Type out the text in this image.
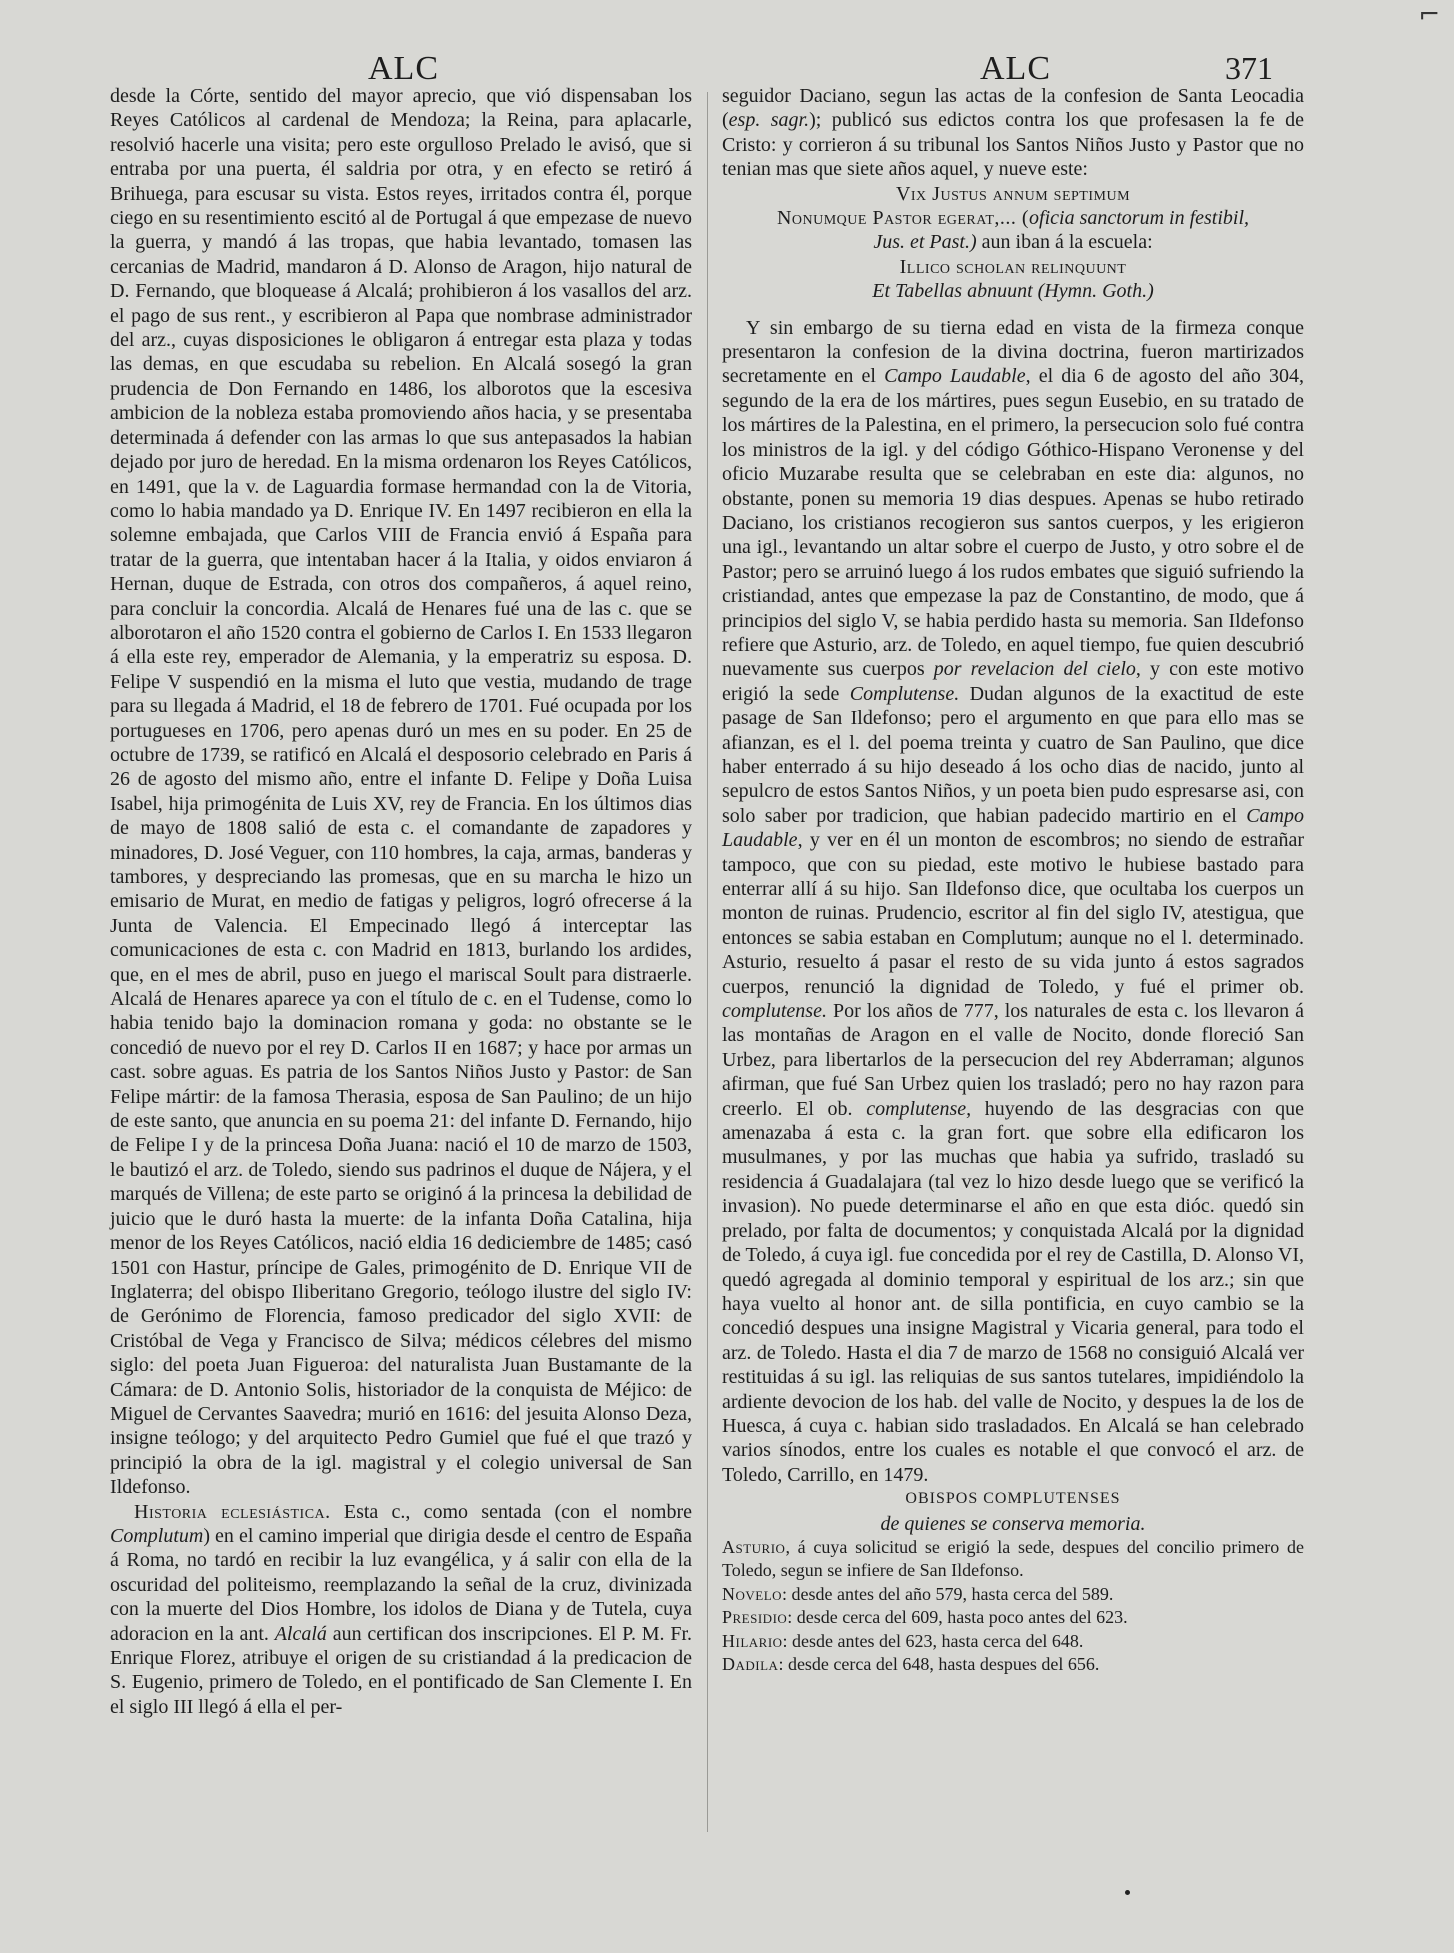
⌐
ALC	ALC	371

desde la Córte, sentido del mayor aprecio, que vió dispensaban los Reyes Católicos al cardenal de Mendoza; la Reina, para aplacarle, resolvió hacerle una visita; pero este orgulloso Prelado le avisó, que si entraba por una puerta, él saldria por otra, y en efecto se retiró á Brihuega, para escusar su vista. Estos reyes, irritados contra él, porque ciego en su resentimiento escitó al de Portugal á que empezase de nuevo la guerra, y mandó á las tropas, que habia levantado, tomasen las cercanias de Madrid, mandaron á D. Alonso de Aragon, hijo natural de D. Fernando, que bloquease á Alcalá; prohibieron á los vasallos del arz. el pago de sus rent., y escribieron al Papa que nombrase administrador del arz., cuyas disposiciones le obligaron á entregar esta plaza y todas las demas, en que escudaba su rebelion. En Alcalá sosegó la gran prudencia de Don Fernando en 1486, los alborotos que la escesiva ambicion de la nobleza estaba promoviendo años hacia, y se presentaba determinada á defender con las armas lo que sus antepasados la habian dejado por juro de heredad. En la misma ordenaron los Reyes Católicos, en 1491, que la v. de Laguardia formase hermandad con la de Vitoria, como lo habia mandado ya D. Enrique IV. En 1497 recibieron en ella la solemne embajada, que Carlos VIII de Francia envió á España para tratar de la guerra, que intentaban hacer á la Italia, y oidos enviaron á Hernan, duque de Estrada, con otros dos compañeros, á aquel reino, para concluir la concordia. Alcalá de Henares fué una de las c. que se alborotaron el año 1520 contra el gobierno de Carlos I. En 1533 llegaron á ella este rey, emperador de Alemania, y la emperatriz su esposa. D. Felipe V suspendió en la misma el luto que vestia, mudando de trage para su llegada á Madrid, el 18 de febrero de 1701. Fué ocupada por los portugueses en 1706, pero apenas duró un mes en su poder. En 25 de octubre de 1739, se ratificó en Alcalá el desposorio celebrado en Paris á 26 de agosto del mismo año, entre el infante D. Felipe y Doña Luisa Isabel, hija primogénita de Luis XV, rey de Francia. En los últimos dias de mayo de 1808 salió de esta c. el comandante de zapadores y minadores, D. José Veguer, con 110 hombres, la caja, armas, banderas y tambores, y despreciando las promesas, que en su marcha le hizo un emisario de Murat, en medio de fatigas y peligros, logró ofrecerse á la Junta de Valencia. El Empecinado llegó á interceptar las comunicaciones de esta c. con Madrid en 1813, burlando los ardides, que, en el mes de abril, puso en juego el mariscal Soult para distraerle. Alcalá de Henares aparece ya con el título de c. en el Tudense, como lo habia tenido bajo la dominacion romana y goda: no obstante se le concedió de nuevo por el rey D. Carlos II en 1687; y hace por armas un cast. sobre aguas. Es patria de los Santos Niños Justo y Pastor: de San Felipe mártir: de la famosa Therasia, esposa de San Paulino; de un hijo de este santo, que anuncia en su poema 21: del infante D. Fernando, hijo de Felipe I y de la princesa Doña Juana: nació el 10 de marzo de 1503, le bautizó el arz. de Toledo, siendo sus padrinos el duque de Nájera, y el marqués de Villena; de este parto se originó á la princesa la debilidad de juicio que le duró hasta la muerte: de la infanta Doña Catalina, hija menor de los Reyes Católicos, nació eldia 16 dediciembre de 1485; casó 1501 con Hastur, príncipe de Gales, primogénito de D. Enrique VII de Inglaterra; del obispo Iliberitano Gregorio, teólogo ilustre del siglo IV: de Gerónimo de Florencia, famoso predicador del siglo XVII: de Cristóbal de Vega y Francisco de Silva; médicos célebres del mismo siglo: del poeta Juan Figueroa: del naturalista Juan Bustamante de la Cámara: de D. Antonio Solis, historiador de la conquista de Méjico: de Miguel de Cervantes Saavedra; murió en 1616: del jesuita Alonso Deza, insigne teólogo; y del arquitecto Pedro Gumiel que fué el que trazó y principió la obra de la igl. magistral y el colegio universal de San Ildefonso.

Historia eclesiástica. Esta c., como sentada (con el nombre Complutum) en el camino imperial que dirigia desde el centro de España á Roma, no tardó en recibir la luz evangélica, y á salir con ella de la oscuridad del politeismo, reemplazando la señal de la cruz, divinizada con la muerte del Dios Hombre, los idolos de Diana y de Tutela, cuya adoracion en la ant. Alcalá aun certifican dos inscripciones. El P. M. Fr. Enrique Florez, atribuye el origen de su cristiandad á la predicacion de S. Eugenio, primero de Toledo, en el pontificado de San Clemente I. En el siglo III llegó á ella el per-

seguidor Daciano, segun las actas de la confesion de Santa Leocadia (esp. sagr.); publicó sus edictos contra los que profesasen la fe de Cristo: y corrieron á su tribunal los Santos Niños Justo y Pastor que no tenian mas que siete años aquel, y nueve este:

Vix Justus annum septimum

Nonumque Pastor egerat,... (oficia sanctorum in festibil,

Jus. et Past.) aun iban á la escuela:

Illico scholan relinquunt

Et Tabellas abnuunt (Hymn. Goth.)

Y sin embargo de su tierna edad en vista de la firmeza conque presentaron la confesion de la divina doctrina, fueron martirizados secretamente en el Campo Laudable, el dia 6 de agosto del año 304, segundo de la era de los mártires, pues segun Eusebio, en su tratado de los mártires de la Palestina, en el primero, la persecucion solo fué contra los ministros de la igl. y del código Góthico-Hispano Veronense y del oficio Muzarabe resulta que se celebraban en este dia: algunos, no obstante, ponen su memoria 19 dias despues. Apenas se hubo retirado Daciano, los cristianos recogieron sus santos cuerpos, y les erigieron una igl., levantando un altar sobre el cuerpo de Justo, y otro sobre el de Pastor; pero se arruinó luego á los rudos embates que siguió sufriendo la cristiandad, antes que empezase la paz de Constantino, de modo, que á principios del siglo V, se habia perdido hasta su memoria. San Ildefonso refiere que Asturio, arz. de Toledo, en aquel tiempo, fue quien descubrió nuevamente sus cuerpos por revelacion del cielo, y con este motivo erigió la sede Complutense. Dudan algunos de la exactitud de este pasage de San Ildefonso; pero el argumento en que para ello mas se afianzan, es el l. del poema treinta y cuatro de San Paulino, que dice haber enterrado á su hijo deseado á los ocho dias de nacido, junto al sepulcro de estos Santos Niños, y un poeta bien pudo espresarse asi, con solo saber por tradicion, que habian padecido martirio en el Campo Laudable, y ver en él un monton de escombros; no siendo de estrañar tampoco, que con su piedad, este motivo le hubiese bastado para enterrar allí á su hijo. San Ildefonso dice, que ocultaba los cuerpos un monton de ruinas. Prudencio, escritor al fin del siglo IV, atestigua, que entonces se sabia estaban en Complutum; aunque no el l. determinado. Asturio, resuelto á pasar el resto de su vida junto á estos sagrados cuerpos, renunció la dignidad de Toledo, y fué el primer ob. complutense. Por los años de 777, los naturales de esta c. los llevaron á las montañas de Aragon en el valle de Nocito, donde floreció San Urbez, para libertarlos de la persecucion del rey Abderraman; algunos afirman, que fué San Urbez quien los trasladó; pero no hay razon para creerlo. El ob. complutense, huyendo de las desgracias con que amenazaba á esta c. la gran fort. que sobre ella edificaron los musulmanes, y por las muchas que habia ya sufrido, trasladó su residencia á Guadalajara (tal vez lo hizo desde luego que se verificó la invasion). No puede determinarse el año en que esta dióc. quedó sin prelado, por falta de documentos; y conquistada Alcalá por la dignidad de Toledo, á cuya igl. fue concedida por el rey de Castilla, D. Alonso VI, quedó agregada al dominio temporal y espiritual de los arz.; sin que haya vuelto al honor ant. de silla pontificia, en cuyo cambio se la concedió despues una insigne Magistral y Vicaria general, para todo el arz. de Toledo. Hasta el dia 7 de marzo de 1568 no consiguió Alcalá ver restituidas á su igl. las reliquias de sus santos tutelares, impidiéndolo la ardiente devocion de los hab. del valle de Nocito, y despues la de los de Huesca, á cuya c. habian sido trasladados. En Alcalá se han celebrado varios sínodos, entre los cuales es notable el que convocó el arz. de Toledo, Carrillo, en 1479.

OBISPOS COMPLUTENSES

de quienes se conserva memoria.

Asturio, á cuya solicitud se erigió la sede, despues del concilio primero de Toledo, segun se infiere de San Ildefonso.

Novelo: desde antes del año 579, hasta cerca del 589.

Presidio: desde cerca del 609, hasta poco antes del 623.

Hilario: desde antes del 623, hasta cerca del 648.

Dadila: desde cerca del 648, hasta despues del 656.
